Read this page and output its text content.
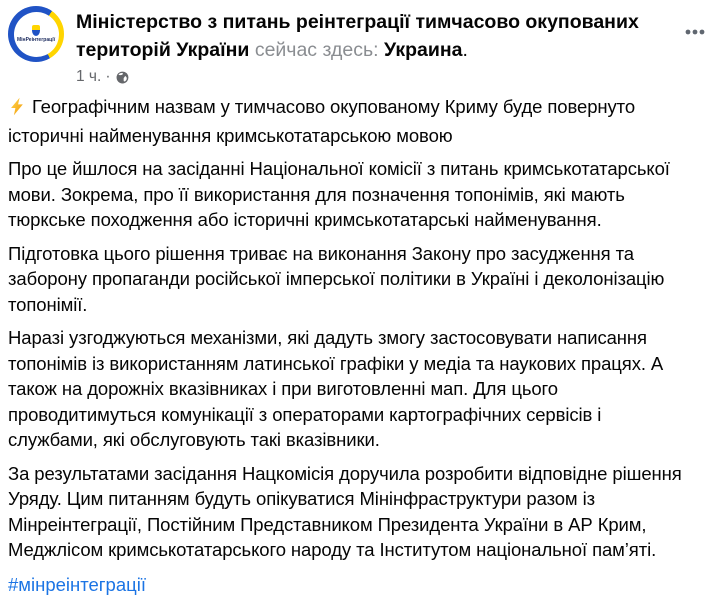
МінРеінтеграції
Міністерство з питань реінтеграції тимчасово окупованих територій України сейчас здесь: Украина.
1 ч. ·

Географічним назвам у тимчасово окупованому Криму буде повернуто історичні найменування кримськотатарською мовою

Про це йшлося на засіданні Національної комісії з питань кримськотатарської мови. Зокрема, про її використання для позначення топонімів, які мають тюркське походження або історичні кримськотатарські найменування.

Підготовка цього рішення триває на виконання Закону про засудження та заборону пропаганди російської імперської політики в Україні і деколонізацію топонімії.

Наразі узгоджуються механізми, які дадуть змогу застосовувати написання топонімів із використанням латинської графіки у медіа та наукових працях. А також на дорожніх вказівниках і при виготовленні мап. Для цього проводитимуться комунікації з операторами картографічних сервісів і службами, які обслуговують такі вказівники.

За результатами засідання Нацкомісія доручила розробити відповідне рішення Уряду. Цим питанням будуть опікуватися Мінінфраструктури разом із Мінреінтеграції, Постійним Представником Президента України в АР Крим, Меджлісом кримськотатарського народу та Інститутом національної пам’яті.

#мінреінтеграції
